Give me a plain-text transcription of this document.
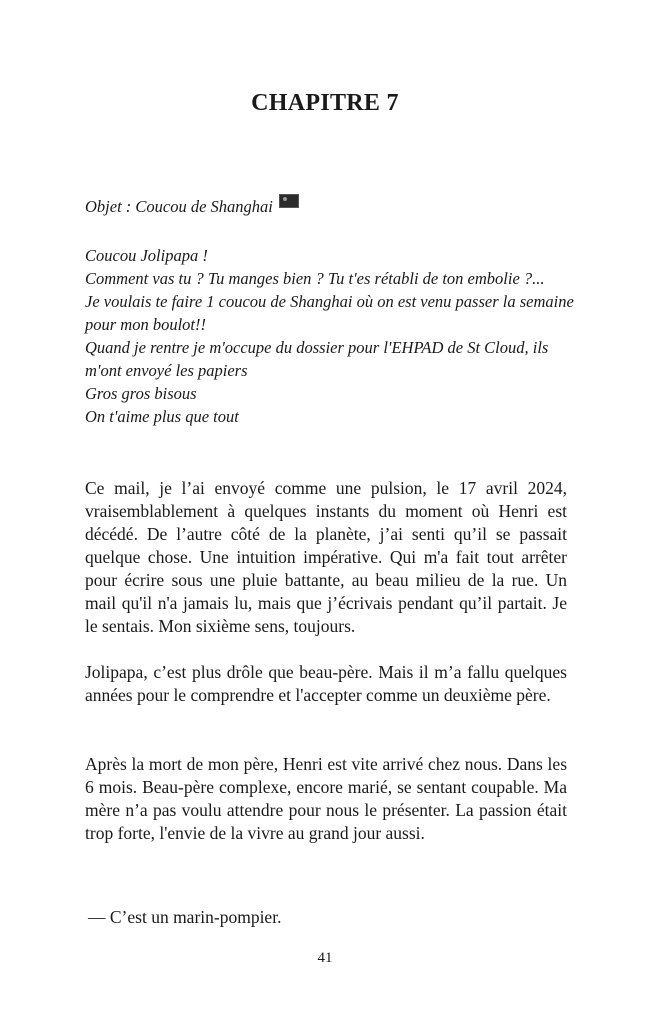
CHAPITRE 7
Objet : Coucou de Shanghai
Coucou Jolipapa !
Comment vas tu ? Tu manges bien ? Tu t'es rétabli de ton embolie ?...
Je voulais te faire 1 coucou de Shanghai où on est venu passer la semaine
pour mon boulot!!
Quand je rentre je m'occupe du dossier pour l'EHPAD de St Cloud, ils
m'ont envoyé les papiers
Gros gros bisous
On t'aime plus que tout

Ce mail, je l’ai envoyé comme une pulsion, le 17 avril 2024, vraisemblablement à quelques instants du moment où Henri est décédé. De l’autre côté de la planète, j’ai senti qu’il se passait quelque chose. Une intuition impérative. Qui m'a fait tout arrêter pour écrire sous une pluie battante, au beau milieu de la rue. Un mail qu'il n'a jamais lu, mais que j’écrivais pendant qu’il partait. Je le sentais. Mon sixième sens, toujours.

Jolipapa, c’est plus drôle que beau-père. Mais il m’a fallu quelques années pour le comprendre et l'accepter comme un deuxième père.

Après la mort de mon père, Henri est vite arrivé chez nous. Dans les 6 mois. Beau-père complexe, encore marié, se sentant coupable. Ma mère n’a pas voulu attendre pour nous le présenter. La passion était trop forte, l'envie de la vivre au grand jour aussi.

— C’est un marin-pompier.

41
